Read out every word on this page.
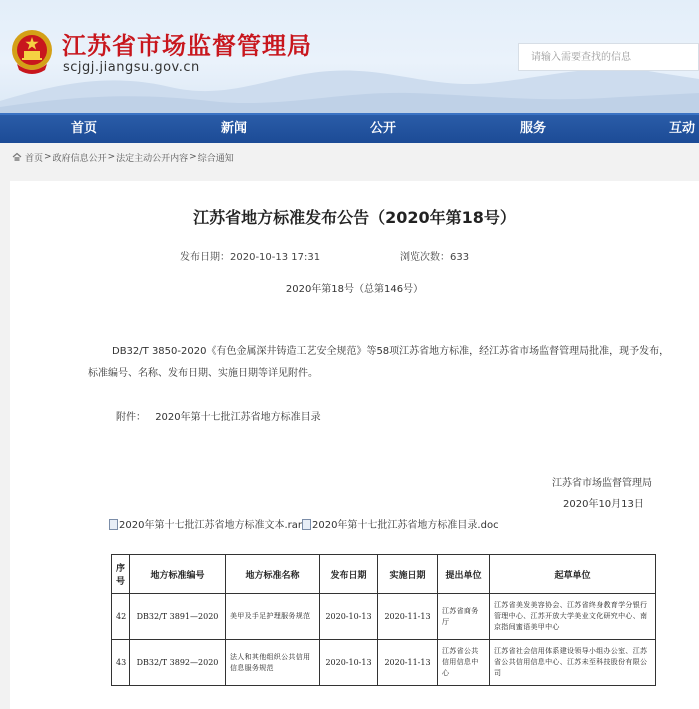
江苏省市场监督管理局
scjgj.jiangsu.gov.cn
请输入需要查找的信息
首页	新闻	公开	服务	互动
首页 > 政府信息公开 > 法定主动公开内容 > 综合通知
江苏省地方标准发布公告（2020年第18号）
发布日期：2020-10-13 17:31	浏览次数：633
2020年第18号（总第146号）
DB32/T 3850-2020《有色金属深井铸造工艺安全规范》等58项江苏省地方标准，经江苏省市场监督管理局批准，现予发布，标准编号、名称、发布日期、实施日期等详见附件。
附件： 2020年第十七批江苏省地方标准目录
江苏省市场监督管理局
2020年10月13日
2020年第十七批江苏省地方标准文本.rar 2020年第十七批江苏省地方标准目录.doc
序号	地方标准编号	地方标准名称	发布日期	实施日期	提出单位	起草单位
42	DB32/T 3891—2020	美甲及手足护理服务规范	2020-10-13	2020-11-13	江苏省商务厅	江苏省美发美容协会、江苏省终身教育学分银行管理中心、江苏开放大学美业文化研究中心、南京指间蜜语美甲中心
43	DB32/T 3892—2020	法人和其他组织公共信用信息服务规范	2020-10-13	2020-11-13	江苏省公共信用信息中心	江苏省社会信用体系建设领导小组办公室、江苏省公共信用信息中心、江苏未至科技股份有限公司
